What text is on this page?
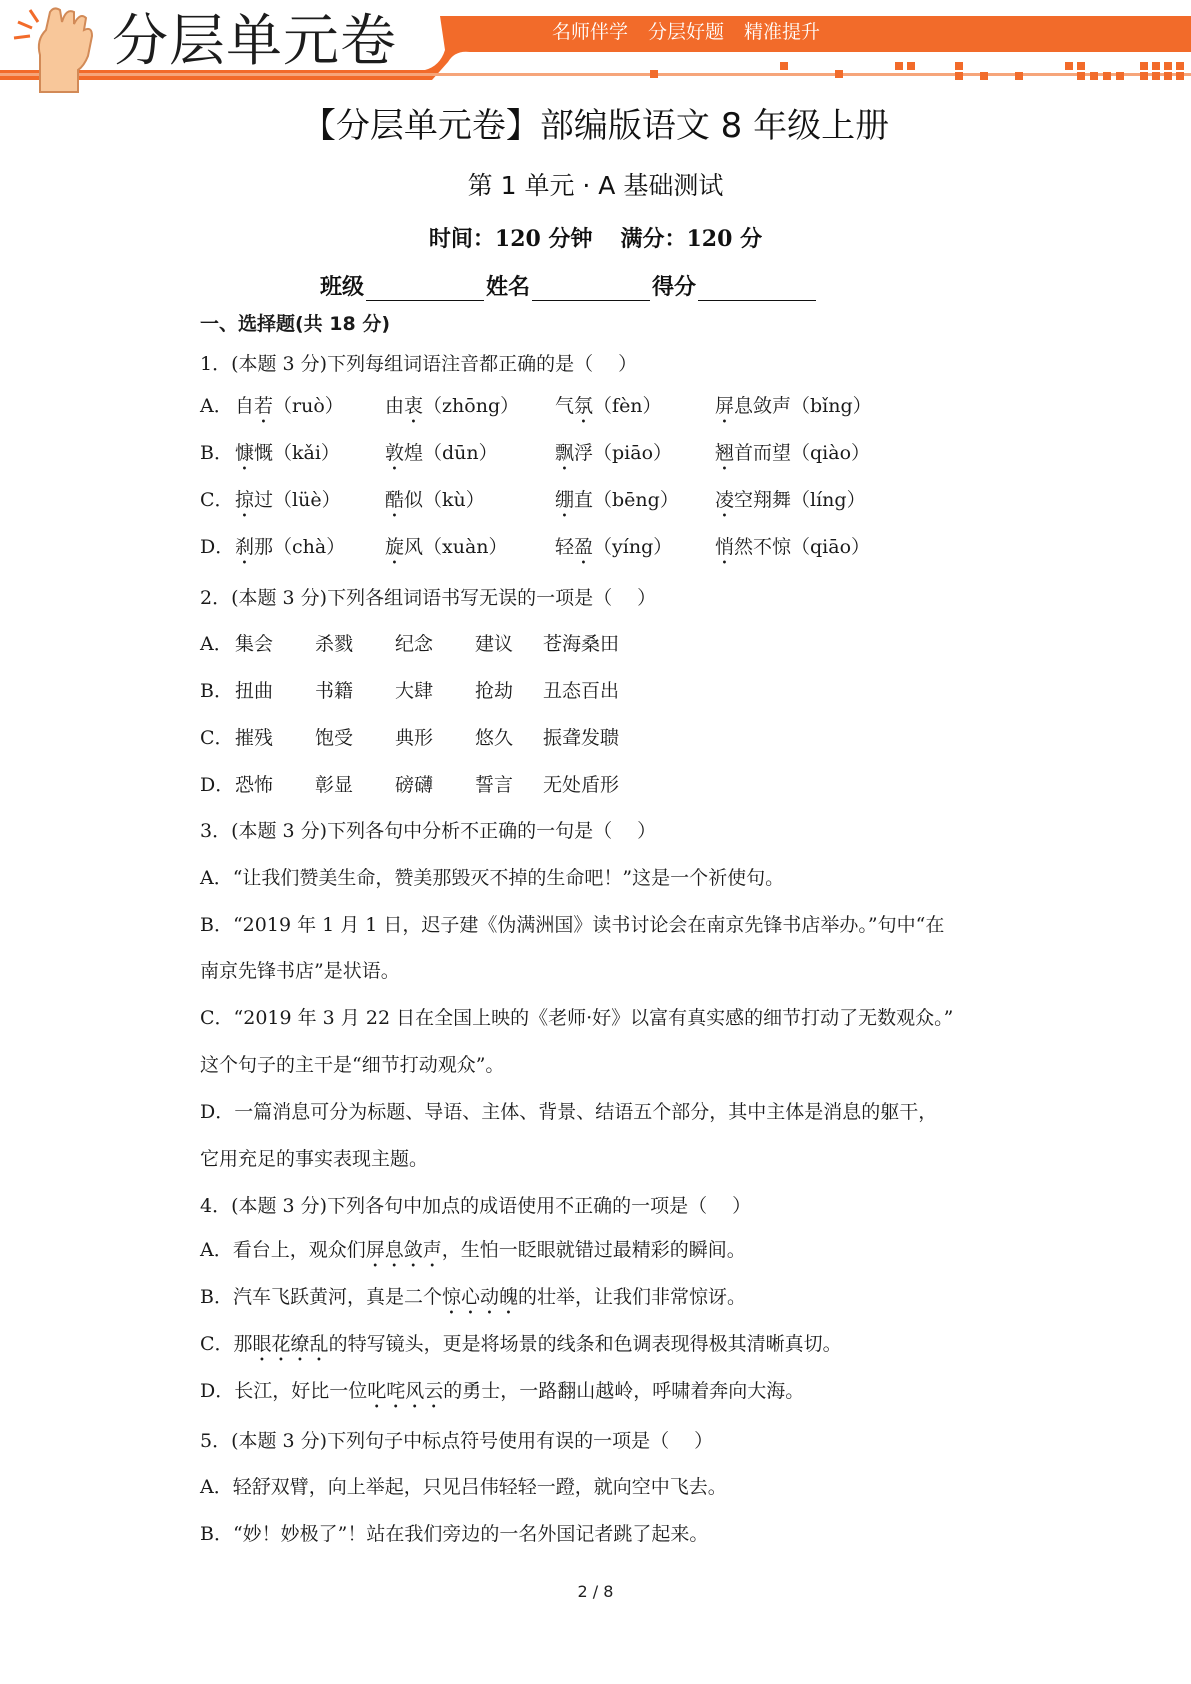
分层单元卷	名师伴学 分层好题 精准提升
【分层单元卷】部编版语文 8 年级上册
第 1 单元 · A 基础测试
时间：120 分钟 满分：120 分
班级	姓名	得分
一、选择题(共 18 分)
1．(本题 3 分)下列每组词语注音都正确的是（　 ）
A． 自若（ruò） 由衷（zhōng） 气氛（fèn）	屏息敛声（bǐng）
B． 慷慨（kǎi） 敦煌（dūn）	飘浮（piāo） 翘首而望（qiào）
C． 掠过（lüè） 酷似（kù）	绷直（bēng） 凌空翔舞（líng）
D． 刹那（chà） 旋风（xuàn） 轻盈（yíng） 悄然不惊（qiāo）
2．(本题 3 分)下列各组词语书写无误的一项是（　 ）
A． 集会 杀戮 纪念 建议 苍海桑田
B． 扭曲 书籍 大肆 抢劫 丑态百出
C． 摧残 饱受 典形 悠久 振聋发聩
D． 恐怖 彰显 磅礴 誓言 无处盾形
3．(本题 3 分)下列各句中分析不正确的一句是（　 ）
A．“让我们赞美生命，赞美那毁灭不掉的生命吧！”这是一个祈使句。
B．“2019 年 1 月 1 日，迟子建《伪满洲国》读书讨论会在南京先锋书店举办。”句中“在
南京先锋书店”是状语。
C．“2019 年 3 月 22 日在全国上映的《老师·好》以富有真实感的细节打动了无数观众。”
这个句子的主干是“细节打动观众”。
D．一篇消息可分为标题、导语、主体、背景、结语五个部分，其中主体是消息的躯干，
它用充足的事实表现主题。
4．(本题 3 分)下列各句中加点的成语使用不正确的一项是（　 ）
A．看台上，观众们屏息敛声，生怕一眨眼就错过最精彩的瞬间。
B．汽车飞跃黄河，真是二个惊心动魄的壮举，让我们非常惊讶。
C．那眼花缭乱的特写镜头，更是将场景的线条和色调表现得极其清晰真切。
D．长江，好比一位叱咤风云的勇士，一路翻山越岭，呼啸着奔向大海。
5．(本题 3 分)下列句子中标点符号使用有误的一项是（　 ）
A．轻舒双臂，向上举起，只见吕伟轻轻一蹬，就向空中飞去。
B．“妙！妙极了”！站在我们旁边的一名外国记者跳了起来。
2 / 8
